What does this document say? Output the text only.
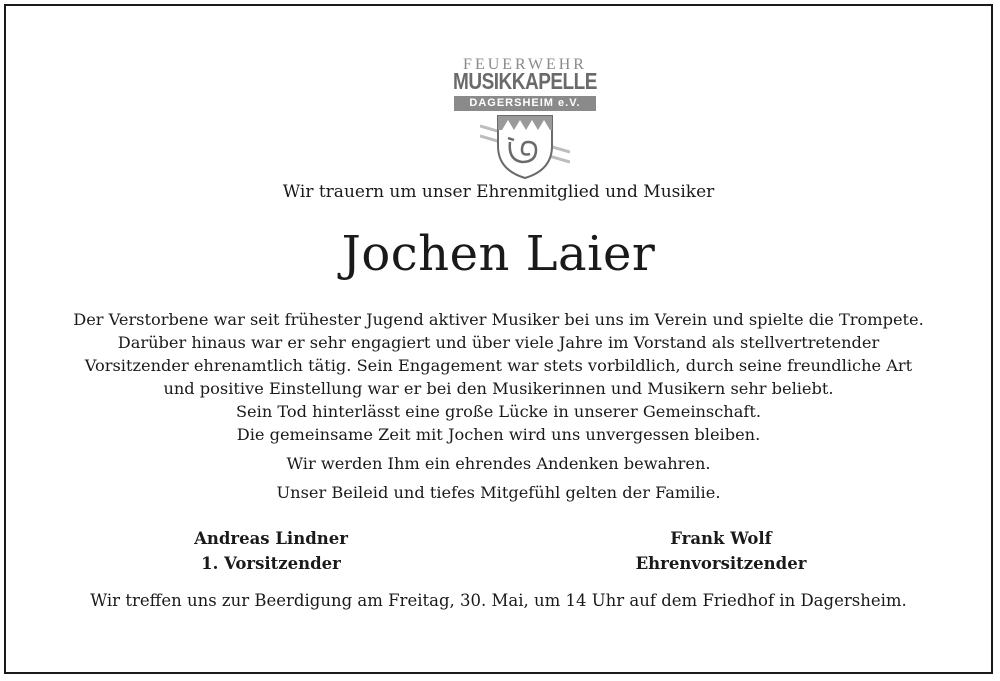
FEUERWEHR
MUSIKKAPELLE
DAGERSHEIM e.V.
Wir trauern um unser Ehrenmitglied und Musiker
Jochen Laier

Der Verstorbene war seit frühester Jugend aktiver Musiker bei uns im Verein und spielte die Trompete.

Darüber hinaus war er sehr engagiert und über viele Jahre im Vorstand als stellvertretender

Vorsitzender ehrenamtlich tätig. Sein Engagement war stets vorbildlich, durch seine freundliche Art

und positive Einstellung war er bei den Musikerinnen und Musikern sehr beliebt.

Sein Tod hinterlässt eine große Lücke in unserer Gemeinschaft.

Die gemeinsame Zeit mit Jochen wird uns unvergessen bleiben.

Wir werden Ihm ein ehrendes Andenken bewahren.

Unser Beileid und tiefes Mitgefühl gelten der Familie.

Andreas Lindner
1. Vorsitzender
Frank Wolf
Ehrenvorsitzender
Wir treffen uns zur Beerdigung am Freitag, 30. Mai, um 14 Uhr auf dem Friedhof in Dagersheim.
